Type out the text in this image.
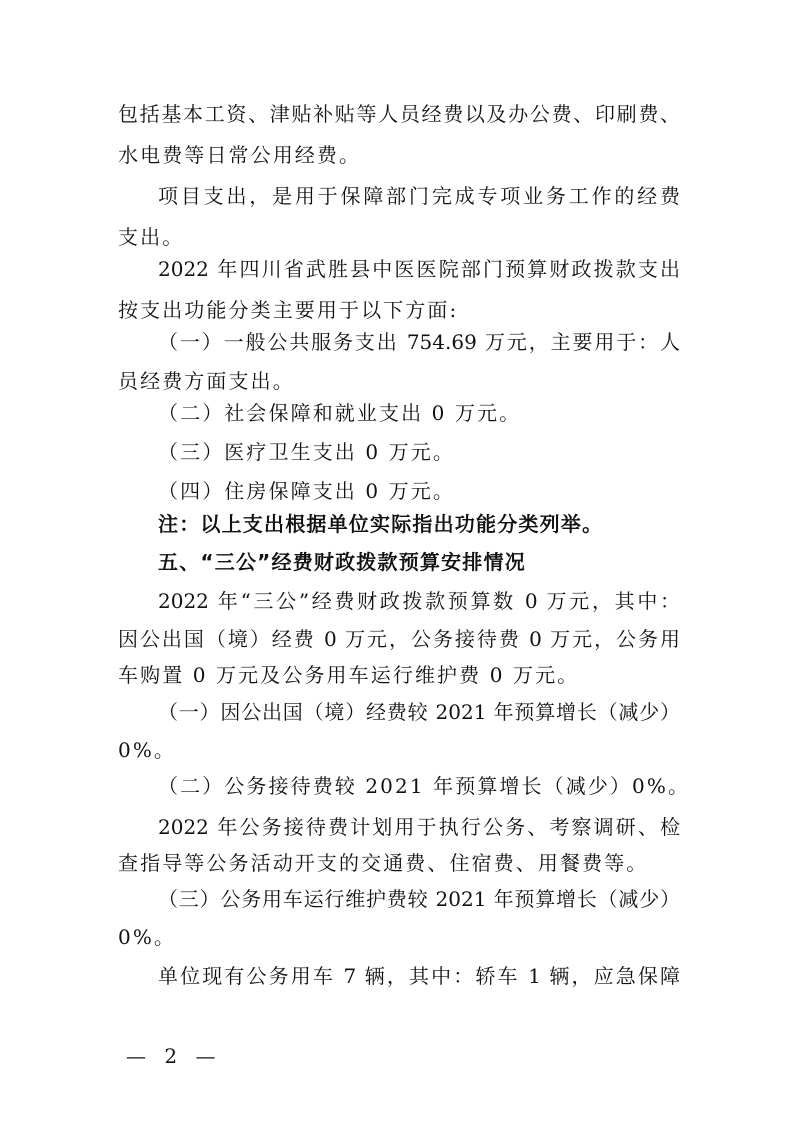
包括基本工资、津贴补贴等人员经费以及办公费、印刷费、
水电费等日常公用经费。
项目支出，是用于保障部门完成专项业务工作的经费
支出。
2022 年四川省武胜县中医医院部门预算财政拨款支出
按支出功能分类主要用于以下方面:
（一）一般公共服务支出 754.69 万元，主要用于：人
员经费方面支出。
（二）社会保障和就业支出 0 万元。
（三）医疗卫生支出 0 万元。
（四）住房保障支出 0 万元。
注：以上支出根据单位实际指出功能分类列举。
五、“三公”经费财政拨款预算安排情况
2022 年“三公”经费财政拨款预算数 0 万元，其中：
因公出国（境）经费 0 万元，公务接待费 0 万元，公务用
车购置 0 万元及公务用车运行维护费 0 万元。
（一）因公出国（境）经费较 2021 年预算增长（减少）
0%。
（二）公务接待费较 2021 年预算增长（减少）0%。
2022 年公务接待费计划用于执行公务、考察调研、检
查指导等公务活动开支的交通费、住宿费、用餐费等。
（三）公务用车运行维护费较 2021 年预算增长（减少）
0%。
单位现有公务用车 7 辆，其中：轿车 1 辆，应急保障
— 2 —
